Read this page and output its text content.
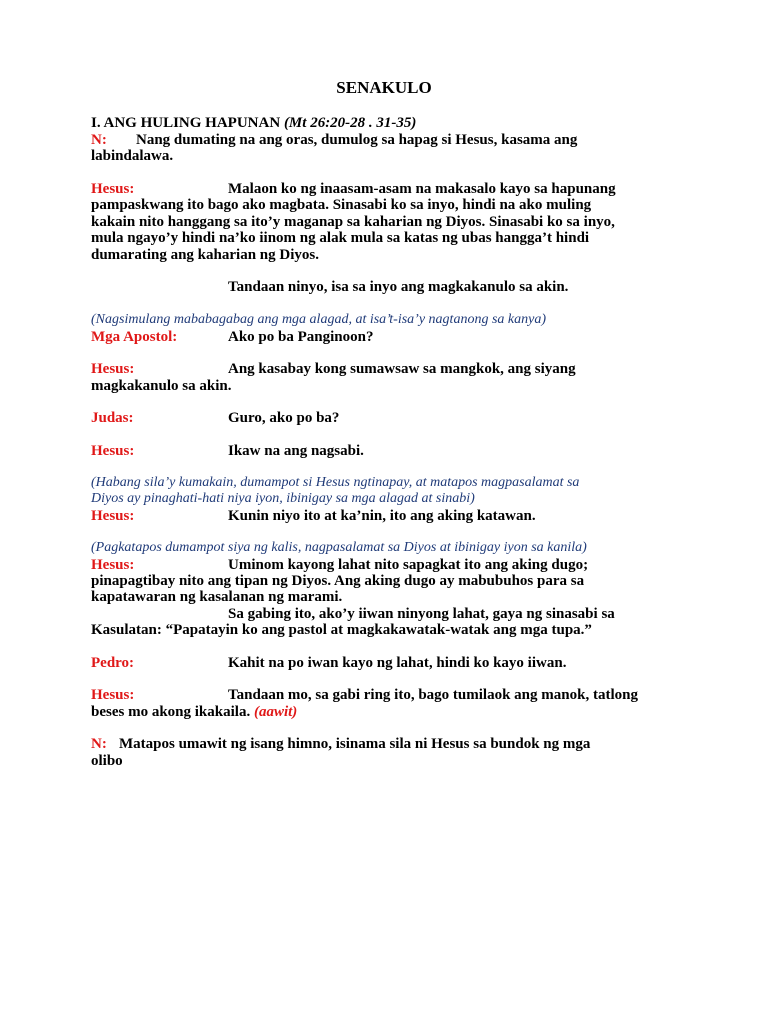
SENAKULO
I. ANG HULING HAPUNAN (Mt 26:20-28 . 31-35)
N: Nang dumating na ang oras, dumulog sa hapag si Hesus, kasama ang
labindalawa.
Hesus:	Malaon ko ng inaasam-asam na makasalo kayo sa hapunang
pampaskwang ito bago ako magbata. Sinasabi ko sa inyo, hindi na ako muling
kakain nito hanggang sa ito’y maganap sa kaharian ng Diyos. Sinasabi ko sa inyo,
mula ngayo’y hindi na’ko iinom ng alak mula sa katas ng ubas hangga’t hindi
dumarating ang kaharian ng Diyos.
Tandaan ninyo, isa sa inyo ang magkakanulo sa akin.
(Nagsimulang mababagabag ang mga alagad, at isa’t-isa’y nagtanong sa kanya)
Mga Apostol:	Ako po ba Panginoon?
Hesus:	Ang kasabay kong sumawsaw sa mangkok, ang siyang
magkakanulo sa akin.
Judas:	Guro, ako po ba?
Hesus:	Ikaw na ang nagsabi.
(Habang sila’y kumakain, dumampot si Hesus ngtinapay, at matapos magpasalamat sa
Diyos ay pinaghati-hati niya iyon, ibinigay sa mga alagad at sinabi)
Hesus:	Kunin niyo ito at ka’nin, ito ang aking katawan.
(Pagkatapos dumampot siya ng kalis, nagpasalamat sa Diyos at ibinigay iyon sa kanila)
Hesus:	Uminom kayong lahat nito sapagkat ito ang aking dugo;
pinapagtibay nito ang tipan ng Diyos. Ang aking dugo ay mabubuhos para sa
kapatawaran ng kasalanan ng marami.
Sa gabing ito, ako’y iiwan ninyong lahat, gaya ng sinasabi sa
Kasulatan: “Papatayin ko ang pastol at magkakawatak-watak ang mga tupa.”
Pedro:	Kahit na po iwan kayo ng lahat, hindi ko kayo iiwan.
Hesus:	Tandaan mo, sa gabi ring ito, bago tumilaok ang manok, tatlong
beses mo akong ikakaila. (aawit)
N: Matapos umawit ng isang himno, isinama sila ni Hesus sa bundok ng mga
olibo
